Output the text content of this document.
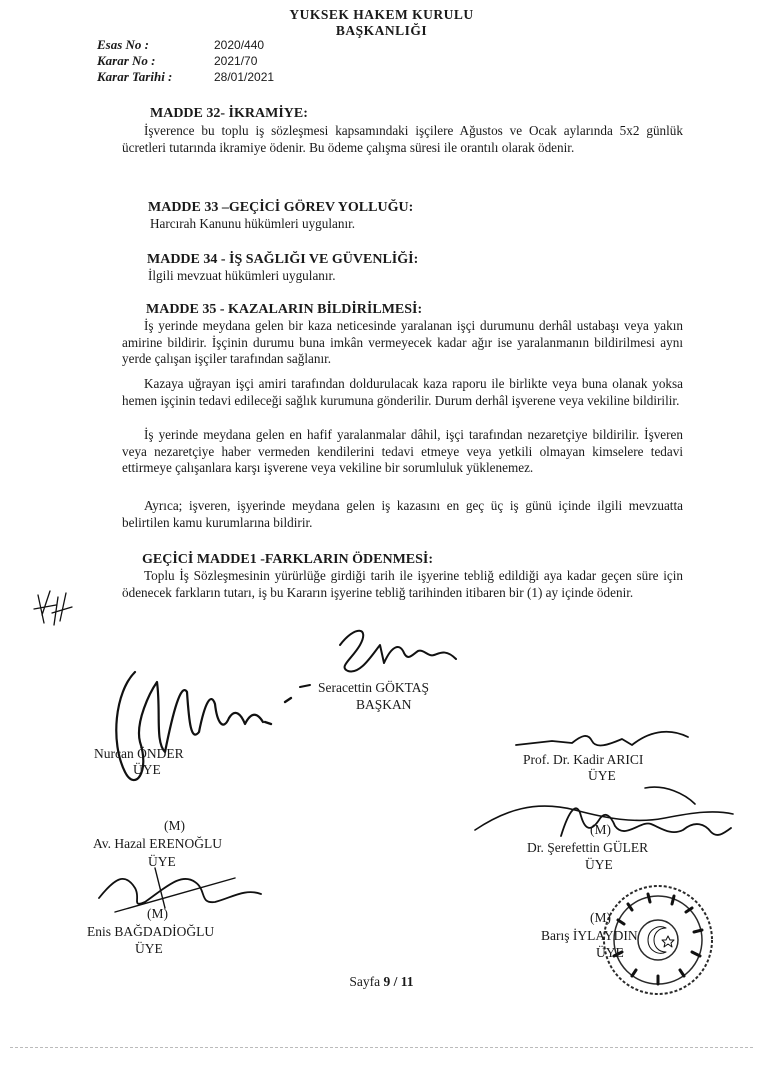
YUKSEK HAKEM KURULU
BAŞKANLIĞI
Esas No :	2020/440
Karar No :	2021/70
Karar Tarihi :	28/01/2021
MADDE 32- İKRAMİYE:

İşverence bu toplu iş sözleşmesi kapsamındaki işçilere Ağustos ve Ocak aylarında 5x2 günlük ücretleri tutarında ikramiye ödenir. Bu ödeme çalışma süresi ile orantılı olarak ödenir.

MADDE 33 –GEÇİCİ GÖREV YOLLUĞU:
Harcırah Kanunu hükümleri uygulanır.
MADDE 34 - İŞ SAĞLIĞI VE GÜVENLİĞİ:
İlgili mevzuat hükümleri uygulanır.
MADDE 35 - KAZALARIN BİLDİRİLMESİ:

İş yerinde meydana gelen bir kaza neticesinde yaralanan işçi durumunu derhâl ustabaşı veya yakın amirine bildirir. İşçinin durumu buna imkân vermeyecek kadar ağır ise yaralanmanın bildirilmesi aynı yerde çalışan işçiler tarafından sağlanır.

Kazaya uğrayan işçi amiri tarafından doldurulacak kaza raporu ile birlikte veya buna olanak yoksa hemen işçinin tedavi edileceği sağlık kurumuna gönderilir. Durum derhâl işverene veya vekiline bildirilir.

İş yerinde meydana gelen en hafif yaralanmalar dâhil, işçi tarafından nezaretçiye bildirilir. İşveren veya nezaretçiye haber vermeden kendilerini tedavi etmeye veya yetkili olmayan kimselere tedavi ettirmeye çalışanlara karşı işverene veya vekiline bir sorumluluk yüklenemez.

Ayrıca; işveren, işyerinde meydana gelen iş kazasını en geç üç iş günü içinde ilgili mevzuatta belirtilen kamu kurumlarına bildirir.

GEÇİCİ MADDE1 -FARKLARIN ÖDENMESİ:

Toplu İş Sözleşmesinin yürürlüğe girdiği tarih ile işyerine tebliğ edildiği aya kadar geçen süre için ödenecek farkların tutarı, iş bu Kararın işyerine tebliğ tarihinden itibaren bir (1) ay içinde ödenir.

Seracettin GÖKTAŞ
BAŞKAN
Nurcan ÖNDER
ÜYE
Prof. Dr. Kadir ARICI
ÜYE
(M)
Av. Hazal ERENOĞLU
ÜYE
(M)
Dr. Şerefettin GÜLER
ÜYE
(M)
Enis BAĞDADİOĞLU
ÜYE
(M)
Barış İYLAYDIN
ÜYE
Sayfa 9 / 11
